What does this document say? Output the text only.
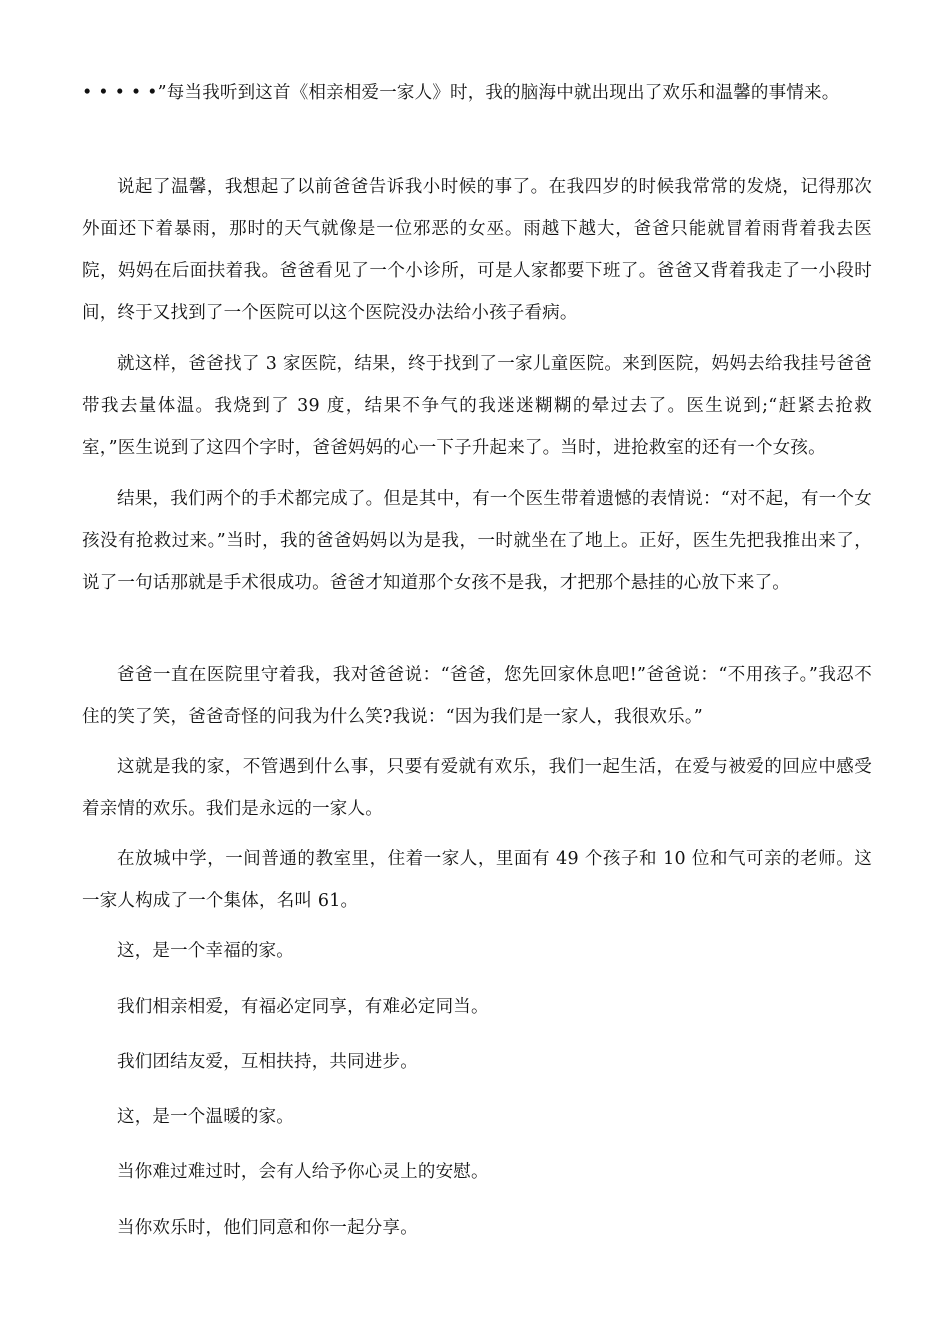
• • • • •”每当我听到这首《相亲相爱一家人》时，我的脑海中就出现出了欢乐和温馨的事情来。

说起了温馨，我想起了以前爸爸告诉我小时候的事了。在我四岁的时候我常常的发烧，记得那次外面还下着暴雨，那时的天气就像是一位邪恶的女巫。雨越下越大，爸爸只能就冒着雨背着我去医院，妈妈在后面扶着我。爸爸看见了一个小诊所，可是人家都要下班了。爸爸又背着我走了一小段时间，终于又找到了一个医院可以这个医院没办法给小孩子看病。

就这样，爸爸找了 3 家医院，结果，终于找到了一家儿童医院。来到医院，妈妈去给我挂号爸爸带我去量体温。我烧到了 39 度，结果不争气的我迷迷糊糊的晕过去了。医生说到;“赶紧去抢救室，”医生说到了这四个字时，爸爸妈妈的心一下子升起来了。当时，进抢救室的还有一个女孩。

结果，我们两个的手术都完成了。但是其中，有一个医生带着遗憾的表情说：“对不起，有一个女孩没有抢救过来。”当时，我的爸爸妈妈以为是我，一时就坐在了地上。正好，医生先把我推出来了，说了一句话那就是手术很成功。爸爸才知道那个女孩不是我，才把那个悬挂的心放下来了。

爸爸一直在医院里守着我，我对爸爸说：“爸爸，您先回家休息吧!”爸爸说：“不用孩子。”我忍不住的笑了笑，爸爸奇怪的问我为什么笑?我说：“因为我们是一家人，我很欢乐。”

这就是我的家，不管遇到什么事，只要有爱就有欢乐，我们一起生活，在爱与被爱的回应中感受着亲情的欢乐。我们是永远的一家人。

在放城中学，一间普通的教室里，住着一家人，里面有 49 个孩子和 10 位和气可亲的老师。这一家人构成了一个集体，名叫 61。

这，是一个幸福的家。

我们相亲相爱，有福必定同享，有难必定同当。

我们团结友爱，互相扶持，共同进步。

这，是一个温暖的家。

当你难过难过时，会有人给予你心灵上的安慰。

当你欢乐时，他们同意和你一起分享。
